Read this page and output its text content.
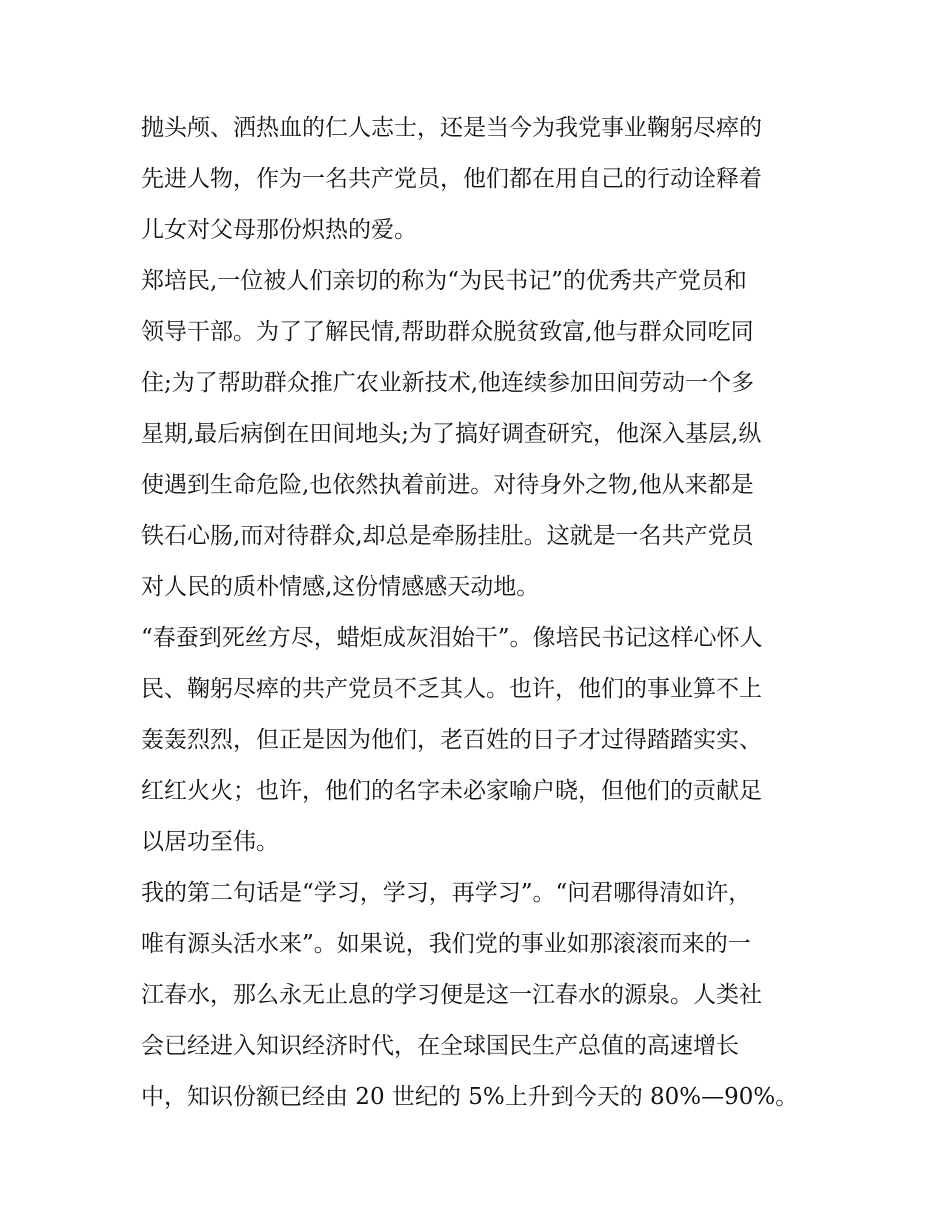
抛头颅、洒热血的仁人志士，还是当今为我党事业鞠躬尽瘁的
先进人物，作为一名共产党员，他们都在用自己的行动诠释着
儿女对父母那份炽热的爱。
郑培民,一位被人们亲切的称为“为民书记”的优秀共产党员和
领导干部。为了了解民情,帮助群众脱贫致富,他与群众同吃同
住;为了帮助群众推广农业新技术,他连续参加田间劳动一个多
星期,最后病倒在田间地头;为了搞好调查研究，他深入基层,纵
使遇到生命危险,也依然执着前进。对待身外之物,他从来都是
铁石心肠,而对待群众,却总是牵肠挂肚。这就是一名共产党员
对人民的质朴情感,这份情感感天动地。
“春蚕到死丝方尽，蜡炬成灰泪始干”。像培民书记这样心怀人
民、鞠躬尽瘁的共产党员不乏其人。也许，他们的事业算不上
轰轰烈烈，但正是因为他们，老百姓的日子才过得踏踏实实、
红红火火；也许，他们的名字未必家喻户晓，但他们的贡献足
以居功至伟。
我的第二句话是“学习，学习，再学习”。“问君哪得清如许，
唯有源头活水来”。如果说，我们党的事业如那滚滚而来的一
江春水，那么永无止息的学习便是这一江春水的源泉。人类社
会已经进入知识经济时代，在全球国民生产总值的高速增长
中，知识份额已经由 20 世纪的 5%上升到今天的 80%—90%。
